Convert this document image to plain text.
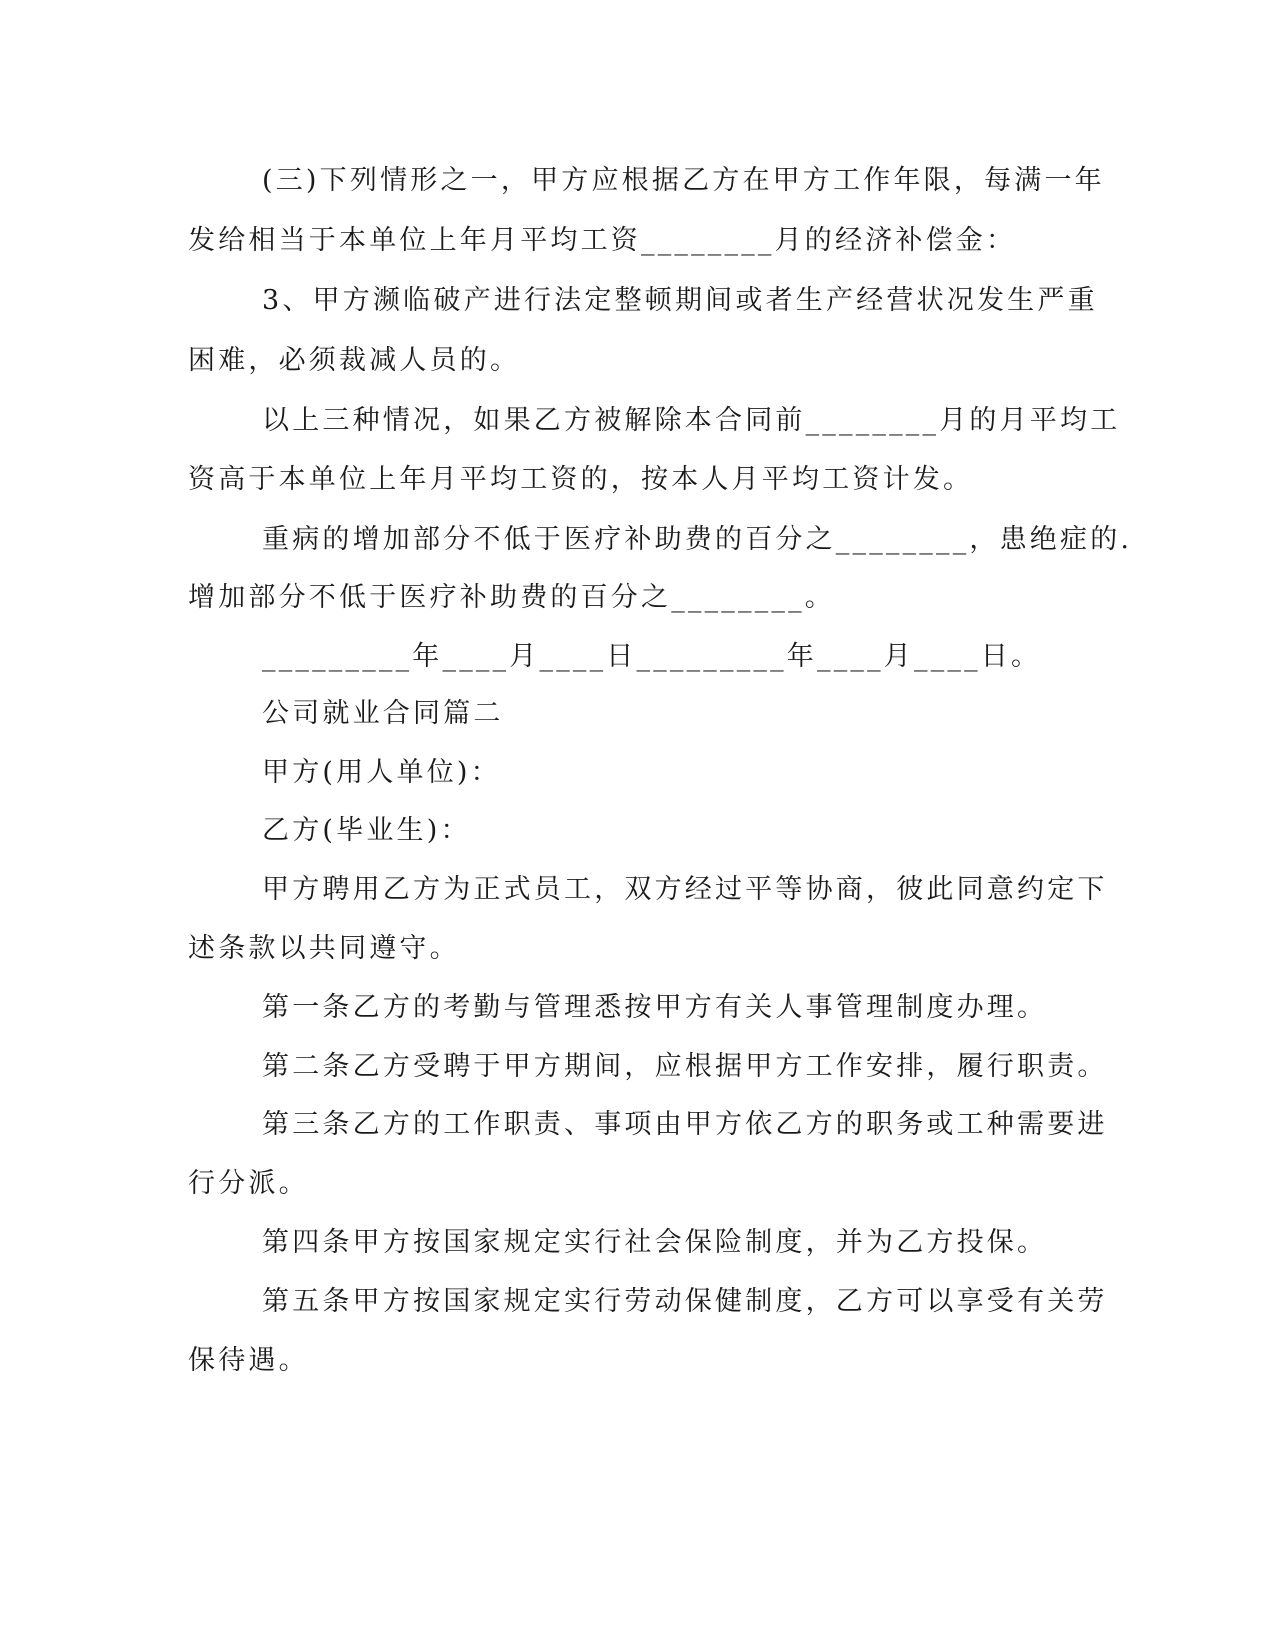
(三)下列情形之一，甲方应根据乙方在甲方工作年限，每满一年
发给相当于本单位上年月平均工资________月的经济补偿金：
3、甲方濒临破产进行法定整顿期间或者生产经营状况发生严重
困难，必须裁减人员的。
以上三种情况，如果乙方被解除本合同前________月的月平均工
资高于本单位上年月平均工资的，按本人月平均工资计发。
重病的增加部分不低于医疗补助费的百分之________，患绝症的.
增加部分不低于医疗补助费的百分之________。
_________年____月____日_________年____月____日。
公司就业合同篇二
甲方(用人单位)：
乙方(毕业生)：
甲方聘用乙方为正式员工，双方经过平等协商，彼此同意约定下
述条款以共同遵守。
第一条乙方的考勤与管理悉按甲方有关人事管理制度办理。
第二条乙方受聘于甲方期间，应根据甲方工作安排，履行职责。
第三条乙方的工作职责、事项由甲方依乙方的职务或工种需要进
行分派。
第四条甲方按国家规定实行社会保险制度，并为乙方投保。
第五条甲方按国家规定实行劳动保健制度，乙方可以享受有关劳
保待遇。
